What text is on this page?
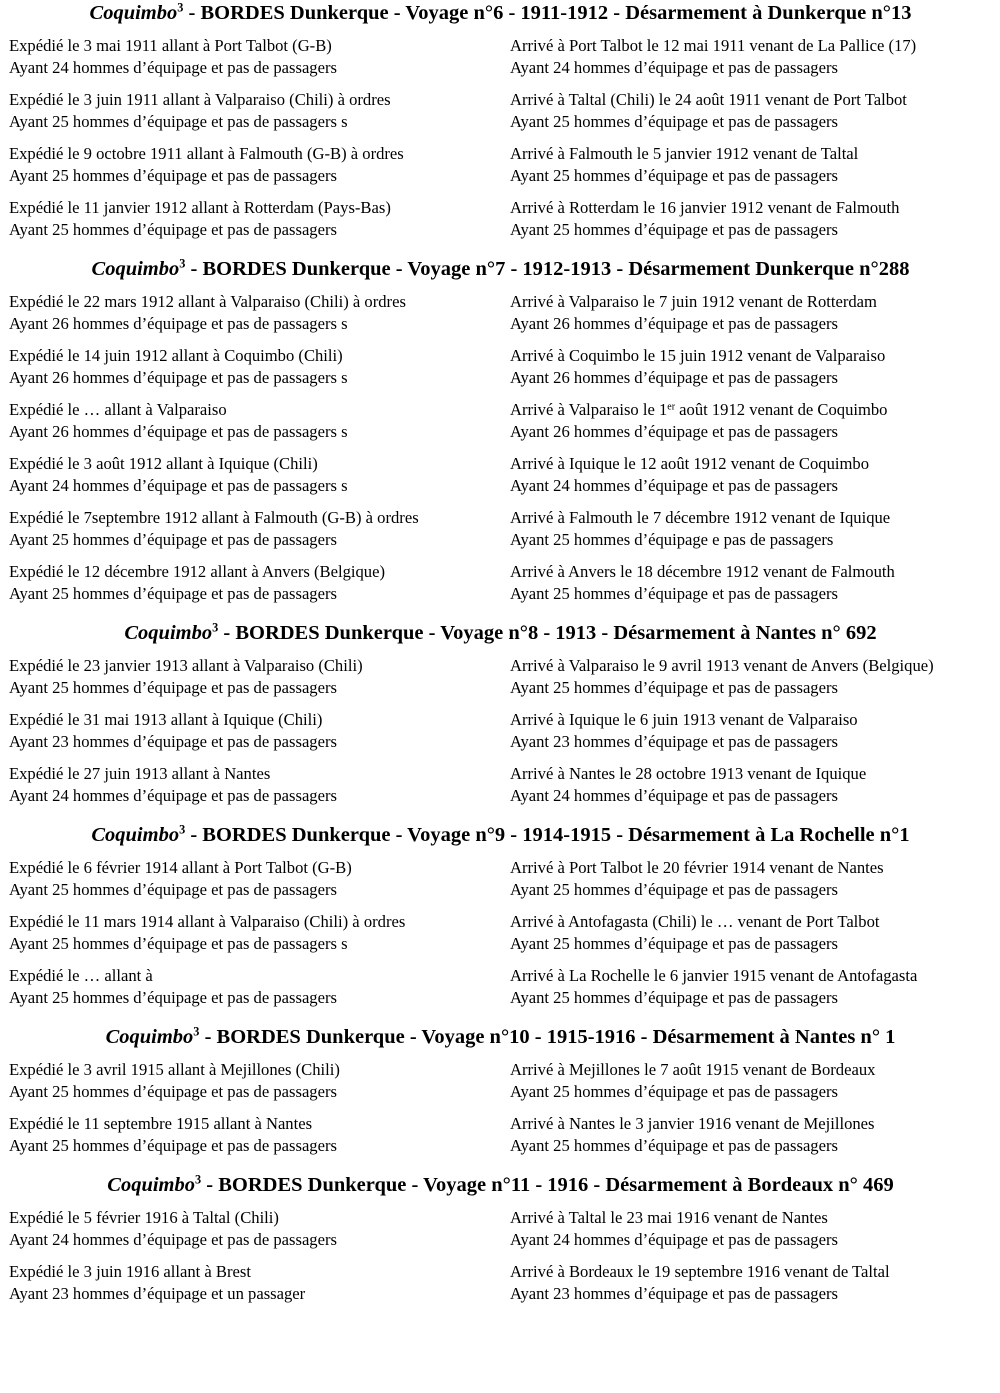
Coquimbo$^3$ - BORDES Dunkerque - Voyage n°6 - 1911-1912 - Désarmement à Dunkerque n°13
Expédié le 3 mai 1911 allant à Port Talbot (G-B)
Ayant 24 hommes d’équipage et pas de passagers
Arrivé à Port Talbot le 12 mai 1911 venant de La Pallice (17)
Ayant 24 hommes d’équipage et pas de passagers
Expédié le 3 juin 1911 allant à Valparaiso (Chili) à ordres
Ayant 25 hommes d’équipage et pas de passagers s
Arrivé à Taltal (Chili) le 24 août 1911 venant de Port Talbot
Ayant 25 hommes d’équipage et pas de passagers
Expédié le 9 octobre 1911 allant à Falmouth (G-B) à ordres
Ayant 25 hommes d’équipage et pas de passagers
Arrivé à Falmouth le 5 janvier 1912 venant de Taltal
Ayant 25 hommes d’équipage et pas de passagers
Expédié le 11 janvier 1912 allant à Rotterdam (Pays-Bas)
Ayant 25 hommes d’équipage et pas de passagers
Arrivé à Rotterdam le 16 janvier 1912 venant de Falmouth
Ayant 25 hommes d’équipage et pas de passagers
Coquimbo$^3$ - BORDES Dunkerque - Voyage n°7 - 1912-1913 - Désarmement Dunkerque n°288
Expédié le 22 mars 1912 allant à Valparaiso (Chili) à ordres
Ayant 26 hommes d’équipage et pas de passagers s
Arrivé à Valparaiso le 7 juin 1912 venant de Rotterdam
Ayant 26 hommes d’équipage et pas de passagers
Expédié le 14 juin 1912 allant à Coquimbo (Chili)
Ayant 26 hommes d’équipage et pas de passagers s
Arrivé à Coquimbo le 15 juin 1912 venant de Valparaiso
Ayant 26 hommes d’équipage et pas de passagers
Expédié le … allant à Valparaiso
Ayant 26 hommes d’équipage et pas de passagers s
Arrivé à Valparaiso le 1er août 1912 venant de Coquimbo
Ayant 26 hommes d’équipage et pas de passagers
Expédié le 3 août 1912 allant à Iquique (Chili)
Ayant 24 hommes d’équipage et pas de passagers s
Arrivé à Iquique le 12 août 1912 venant de Coquimbo
Ayant 24 hommes d’équipage et pas de passagers
Expédié le 7septembre 1912 allant à Falmouth (G-B) à ordres
Ayant 25 hommes d’équipage et pas de passagers
Arrivé à Falmouth le 7 décembre 1912 venant de Iquique
Ayant 25 hommes d’équipage e pas de passagers
Expédié le 12 décembre 1912 allant à Anvers (Belgique)
Ayant 25 hommes d’équipage et pas de passagers
Arrivé à Anvers le 18 décembre 1912 venant de Falmouth
Ayant 25 hommes d’équipage et pas de passagers
Coquimbo$^3$ - BORDES Dunkerque - Voyage n°8 - 1913 - Désarmement à Nantes n° 692
Expédié le 23 janvier 1913 allant à Valparaiso (Chili)
Ayant 25 hommes d’équipage et pas de passagers
Arrivé à Valparaiso le 9 avril 1913 venant de Anvers (Belgique)
Ayant 25 hommes d’équipage et pas de passagers
Expédié le 31 mai 1913 allant à Iquique (Chili)
Ayant 23 hommes d’équipage et pas de passagers
Arrivé à Iquique le 6 juin 1913 venant de Valparaiso
Ayant 23 hommes d’équipage et pas de passagers
Expédié le 27 juin 1913 allant à Nantes
Ayant 24 hommes d’équipage et pas de passagers
Arrivé à Nantes le 28 octobre 1913 venant de Iquique
Ayant 24 hommes d’équipage et pas de passagers
Coquimbo$^3$ - BORDES Dunkerque - Voyage n°9 - 1914-1915 - Désarmement à La Rochelle n°1
Expédié le 6 février 1914 allant à Port Talbot (G-B)
Ayant 25 hommes d’équipage et pas de passagers
Arrivé à Port Talbot le 20 février 1914 venant de Nantes
Ayant 25 hommes d’équipage et pas de passagers
Expédié le 11 mars 1914 allant à Valparaiso (Chili) à ordres
Ayant 25 hommes d’équipage et pas de passagers s
Arrivé à Antofagasta (Chili) le … venant de Port Talbot
Ayant 25 hommes d’équipage et pas de passagers
Expédié le … allant à
Ayant 25 hommes d’équipage et pas de passagers
Arrivé à La Rochelle le 6 janvier 1915 venant de Antofagasta
Ayant 25 hommes d’équipage et pas de passagers
Coquimbo$^3$ - BORDES Dunkerque - Voyage n°10 - 1915-1916 - Désarmement à Nantes n° 1
Expédié le 3 avril 1915 allant à Mejillones (Chili)
Ayant 25 hommes d’équipage et pas de passagers
Arrivé à Mejillones le 7 août 1915 venant de Bordeaux
Ayant 25 hommes d’équipage et pas de passagers
Expédié le 11 septembre 1915 allant à Nantes
Ayant 25 hommes d’équipage et pas de passagers
Arrivé à Nantes le 3 janvier 1916 venant de Mejillones
Ayant 25 hommes d’équipage et pas de passagers
Coquimbo$^3$ - BORDES Dunkerque - Voyage n°11 - 1916 - Désarmement à Bordeaux n° 469
Expédié le 5 février 1916 à Taltal (Chili)
Ayant 24 hommes d’équipage et pas de passagers
Arrivé à Taltal le 23 mai 1916 venant de Nantes
Ayant 24 hommes d’équipage et pas de passagers
Expédié le 3 juin 1916 allant à Brest
Ayant 23 hommes d’équipage et un passager
Arrivé à Bordeaux le 19 septembre 1916 venant de Taltal
Ayant 23 hommes d’équipage et pas de passagers
